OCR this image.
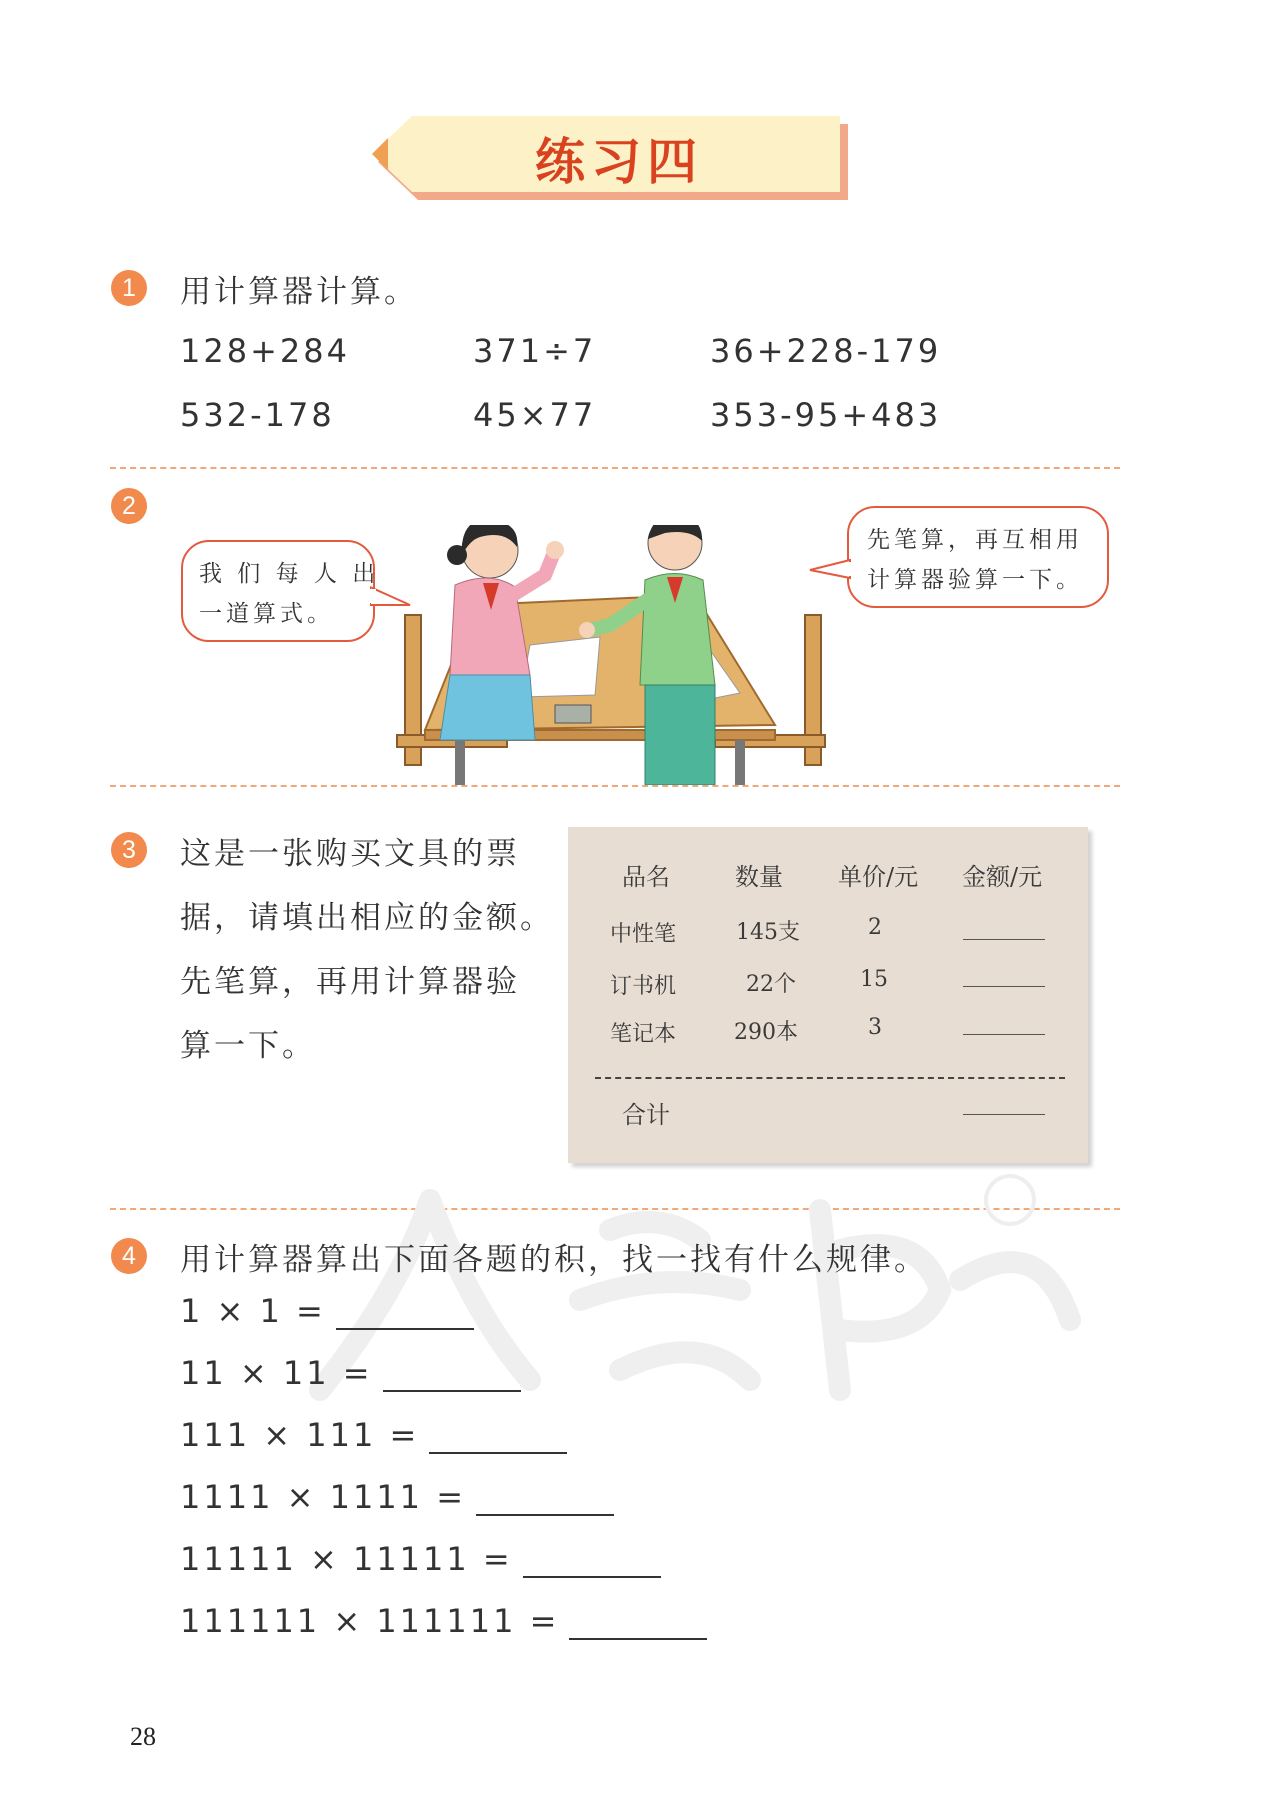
练习四
1	用计算器计算。
128+284	371÷7	36+228-179
532-178	45×77	353-95+483
2
我 们 每 人 出
一道算式。
先笔算，再互相用
计算器验算一下。
3	这是一张购买文具的票
据，请填出相应的金额。
先笔算，再用计算器验
算一下。
品名	数量 单价/元 金额/元
中性笔	145支	2
订书机	22个	15
笔记本	290本	3
合计
4	用计算器算出下面各题的积，找一找有什么规律。
1 × 1 =
11 × 11 =
111 × 111 =
1111 × 1111 =
11111 × 11111 =
111111 × 111111 =
28
